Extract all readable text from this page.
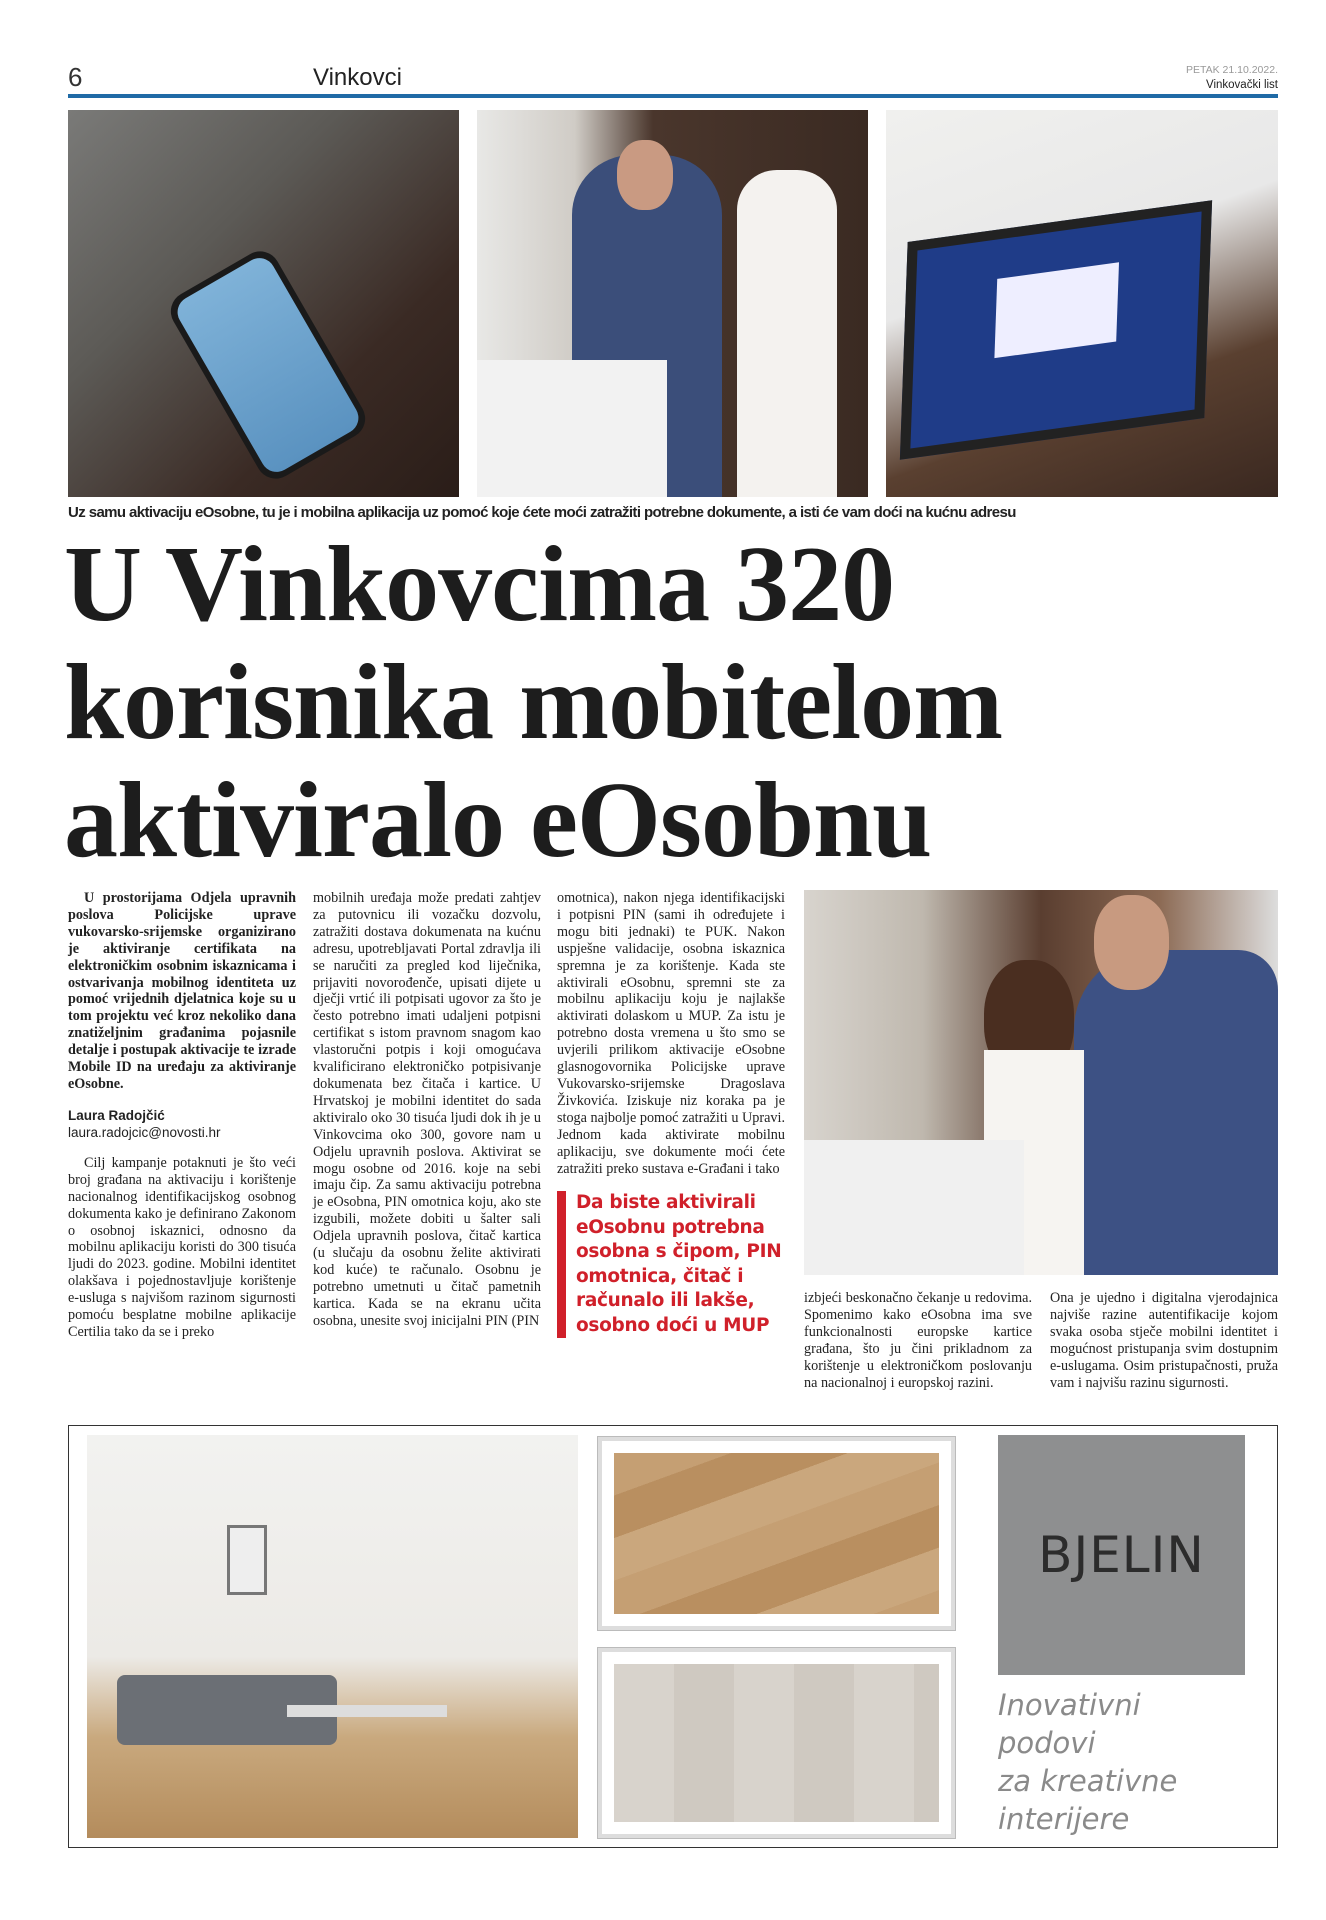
6	Vinkovci	PETAK 21.10.2022.
Vinkovački list
Uz samu aktivaciju eOsobne, tu je i mobilna aplikacija uz pomoć koje ćete moći zatražiti potrebne dokumente, a isti će vam doći na kućnu adresu
U Vinkovcima 320
korisnika mobitelom
aktiviralo eOsobnu

U prostorijama Odjela upravnih poslova Policijske uprave vukovarsko-srijemske organizirano je aktiviranje certifikata na elektroničkim osobnim iskaznicama i ostvarivanja mobilnog identiteta uz pomoć vrijednih djelatnica koje su u tom projektu već kroz nekoliko dana znatiželjnim građanima pojasnile detalje i postupak aktivacije te izrade Mobile ID na uređaju za aktiviranje eOsobne.

Laura Radojčić

laura.radojcic@novosti.hr

Cilj kampanje potaknuti je što veći broj građana na aktivaciju i korištenje nacionalnog identifikacijskog osobnog dokumenta kako je definirano Zakonom o osobnoj iskaznici, odnosno da mobilnu aplikaciju koristi do 300 tisuća ljudi do 2023. godine. Mobilni identitet olakšava i pojednostavljuje korištenje e-usluga s najvišom razinom sigurnosti pomoću besplatne mobilne aplikacije Certilia tako da se i preko

mobilnih uređaja može predati zahtjev za putovnicu ili vozačku dozvolu, zatražiti dostava dokumenata na kućnu adresu, upotrebljavati Portal zdravlja ili se naručiti za pregled kod liječnika, prijaviti novorođenče, upisati dijete u dječji vrtić ili potpisati ugovor za što je često potrebno imati udaljeni potpisni certifikat s istom pravnom snagom kao vlastoručni potpis i koji omogućava kvalificirano elektroničko potpisivanje dokumenata bez čitača i kartice. U Hrvatskoj je mobilni identitet do sada aktiviralo oko 30 tisuća ljudi dok ih je u Vinkovcima oko 300, govore nam u Odjelu upravnih poslova. Aktivirat se mogu osobne od 2016. koje na sebi imaju čip. Za samu aktivaciju potrebna je eOsobna, PIN omotnica koju, ako ste izgubili, možete dobiti u šalter sali Odjela upravnih poslova, čitač kartica (u slučaju da osobnu želite aktivirati kod kuće) te računalo. Osobnu je potrebno umetnuti u čitač pametnih kartica. Kada se na ekranu učita osobna, unesite svoj inicijalni PIN (PIN
omotnica), nakon njega identifikacijski i potpisni PIN (sami ih određujete i mogu biti jednaki) te PUK. Nakon uspješne validacije, osobna iskaznica spremna je za korištenje. Kada ste aktivirali eOsobnu, spremni ste za mobilnu aplikaciju koju je najlakše aktivirati dolaskom u MUP. Za istu je potrebno dosta vremena u što smo se uvjerili prilikom aktivacije eOsobne glasnogovornika Policijske uprave Vukovarsko-srijemske Dragoslava Živkovića. Iziskuje niz koraka pa je stoga najbolje pomoć zatražiti u Upravi. Jednom kada aktivirate mobilnu aplikaciju, sve dokumente moći ćete zatražiti preko sustava e-Građani i tako
Da biste aktivirali eOsobnu potrebna osobna s čipom, PIN omotnica, čitač i računalo ili lakše, osobno doći u MUP
izbjeći beskonačno čekanje u redovima. Spomenimo kako eOsobna ima sve funkcionalnosti europske kartice građana, što ju čini prikladnom za korištenje u elektroničkom poslovanju na nacionalnoj i europskoj razini.
Ona je ujedno i digitalna vjerodajnica najviše razine autentifikacije kojom svaka osoba stječe mobilni identitet i mogućnost pristupanja svim dostupnim e-uslugama. Osim pristupačnosti, pruža vam i najvišu razinu sigurnosti.
BJELIN
Inovativni
podovi
za kreativne
interijere
